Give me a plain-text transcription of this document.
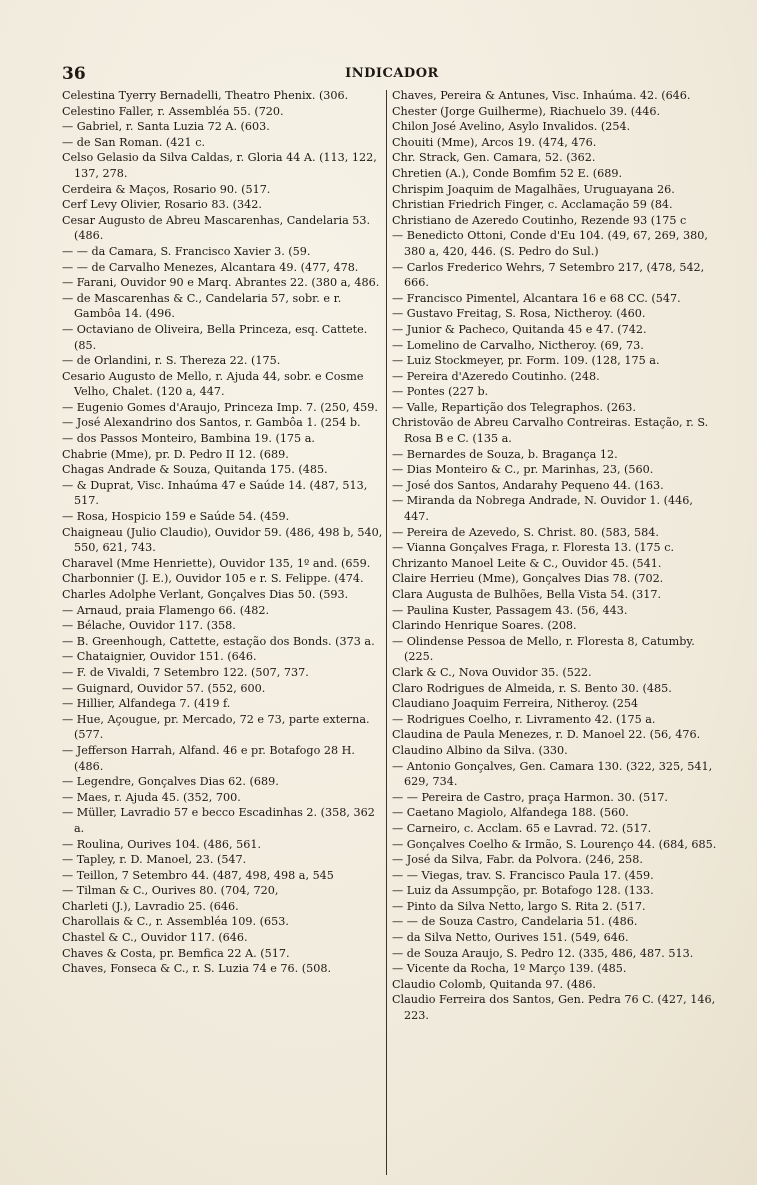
36	INDICADOR
Celestina Tyerry Bernadelli, Theatro Phenix. (306.
Celestino Faller, r. Assembléa 55. (720.
— Gabriel, r. Santa Luzia 72 A. (603.
— de San Roman. (421 c.
Celso Gelasio da Silva Caldas, r. Gloria 44 A. (113, 122, 137, 278.
Cerdeira & Maços, Rosario 90. (517.
Cerf Levy Olivier, Rosario 83. (342.
Cesar Augusto de Abreu Mascarenhas, Candelaria 53. (486.
— — da Camara, S. Francisco Xavier 3. (59.
— — de Carvalho Menezes, Alcantara 49. (477, 478.
— Farani, Ouvidor 90 e Marq. Abrantes 22. (380 a, 486.
— de Mascarenhas & C., Candelaria 57, sobr. e r. Gambôa 14. (496.
— Octaviano de Oliveira, Bella Princeza, esq. Cattete. (85.
— de Orlandini, r. S. Thereza 22. (175.
Cesario Augusto de Mello, r. Ajuda 44, sobr. e Cosme Velho, Chalet. (120 a, 447.
— Eugenio Gomes d'Araujo, Princeza Imp. 7. (250, 459.
— José Alexandrino dos Santos, r. Gambôa 1. (254 b.
— dos Passos Monteiro, Bambina 19. (175 a.
Chabrie (Mme), pr. D. Pedro II 12. (689.
Chagas Andrade & Souza, Quitanda 175. (485.
— & Duprat, Visc. Inhaúma 47 e Saúde 14. (487, 513, 517.
— Rosa, Hospicio 159 e Saúde 54. (459.
Chaigneau (Julio Claudio), Ouvidor 59. (486, 498 b, 540, 550, 621, 743.
Charavel (Mme Henriette), Ouvidor 135, 1º and. (659.
Charbonnier (J. E.), Ouvidor 105 e r. S. Felippe. (474.
Charles Adolphe Verlant, Gonçalves Dias 50. (593.
— Arnaud, praia Flamengo 66. (482.
— Bélache, Ouvidor 117. (358.
— B. Greenhough, Cattette, estação dos Bonds. (373 a.
— Chataignier, Ouvidor 151. (646.
— F. de Vivaldi, 7 Setembro 122. (507, 737.
— Guignard, Ouvidor 57. (552, 600.
— Hillier, Alfandega 7. (419 f.
— Hue, Açougue, pr. Mercado, 72 e 73, parte externa. (577.
— Jefferson Harrah, Alfand. 46 e pr. Botafogo 28 H. (486.
— Legendre, Gonçalves Dias 62. (689.
— Maes, r. Ajuda 45. (352, 700.
— Müller, Lavradio 57 e becco Escadinhas 2. (358, 362 a.
— Roulina, Ourives 104. (486, 561.
— Tapley, r. D. Manoel, 23. (547.
— Teillon, 7 Setembro 44. (487, 498, 498 a, 545
— Tilman & C., Ourives 80. (704, 720,
Charleti (J.), Lavradio 25. (646.
Charollais & C., r. Assembléa 109. (653.
Chastel & C., Ouvidor 117. (646.
Chaves & Costa, pr. Bemfica 22 A. (517.
Chaves, Fonseca & C., r. S. Luzia 74 e 76. (508.
Chaves, Pereira & Antunes, Visc. Inhaúma. 42. (646.
Chester (Jorge Guilherme), Riachuelo 39. (446.
Chilon José Avelino, Asylo Invalidos. (254.
Chouiti (Mme), Arcos 19. (474, 476.
Chr. Strack, Gen. Camara, 52. (362.
Chretien (A.), Conde Bomfim 52 E. (689.
Chrispim Joaquim de Magalhães, Uruguayana 26.
Christian Friedrich Finger, c. Acclamação 59 (84.
Christiano de Azeredo Coutinho, Rezende 93 (175 c
— Benedicto Ottoni, Conde d'Eu 104. (49, 67, 269, 380, 380 a, 420, 446. (S. Pedro do Sul.)
— Carlos Frederico Wehrs, 7 Setembro 217, (478, 542, 666.
— Francisco Pimentel, Alcantara 16 e 68 CC. (547.
— Gustavo Freitag, S. Rosa, Nictheroy. (460.
— Junior & Pacheco, Quitanda 45 e 47. (742.
— Lomelino de Carvalho, Nictheroy. (69, 73.
— Luiz Stockmeyer, pr. Form. 109. (128, 175 a.
— Pereira d'Azeredo Coutinho. (248.
— Pontes (227 b.
— Valle, Repartição dos Telegraphos. (263.
Christovão de Abreu Carvalho Contreiras. Estação, r. S. Rosa B e C. (135 a.
— Bernardes de Souza, b. Bragança 12.
— Dias Monteiro & C., pr. Marinhas, 23, (560.
— José dos Santos, Andarahy Pequeno 44. (163.
— Miranda da Nobrega Andrade, N. Ouvidor 1. (446, 447.
— Pereira de Azevedo, S. Christ. 80. (583, 584.
— Vianna Gonçalves Fraga, r. Floresta 13. (175 c.
Chrizanto Manoel Leite & C., Ouvidor 45. (541.
Claire Herrieu (Mme), Gonçalves Dias 78. (702.
Clara Augusta de Bulhões, Bella Vista 54. (317.
— Paulina Kuster, Passagem 43. (56, 443.
Clarindo Henrique Soares. (208.
— Olindense Pessoa de Mello, r. Floresta 8, Catumby. (225.
Clark & C., Nova Ouvidor 35. (522.
Claro Rodrigues de Almeida, r. S. Bento 30. (485.
Claudiano Joaquim Ferreira, Nitheroy. (254
— Rodrigues Coelho, r. Livramento 42. (175 a.
Claudina de Paula Menezes, r. D. Manoel 22. (56, 476.
Claudino Albino da Silva. (330.
— Antonio Gonçalves, Gen. Camara 130. (322, 325, 541, 629, 734.
— — Pereira de Castro, praça Harmon. 30. (517.
— Caetano Magiolo, Alfandega 188. (560.
— Carneiro, c. Acclam. 65 e Lavrad. 72. (517.
— Gonçalves Coelho & Irmão, S. Lourenço 44. (684, 685.
— José da Silva, Fabr. da Polvora. (246, 258.
— — Viegas, trav. S. Francisco Paula 17. (459.
— Luiz da Assumpção, pr. Botafogo 128. (133.
— Pinto da Silva Netto, largo S. Rita 2. (517.
— — de Souza Castro, Candelaria 51. (486.
— da Silva Netto, Ourives 151. (549, 646.
— de Souza Araujo, S. Pedro 12. (335, 486, 487. 513.
— Vicente da Rocha, 1º Março 139. (485.
Claudio Colomb, Quitanda 97. (486.
Claudio Ferreira dos Santos, Gen. Pedra 76 C. (427, 146, 223.
